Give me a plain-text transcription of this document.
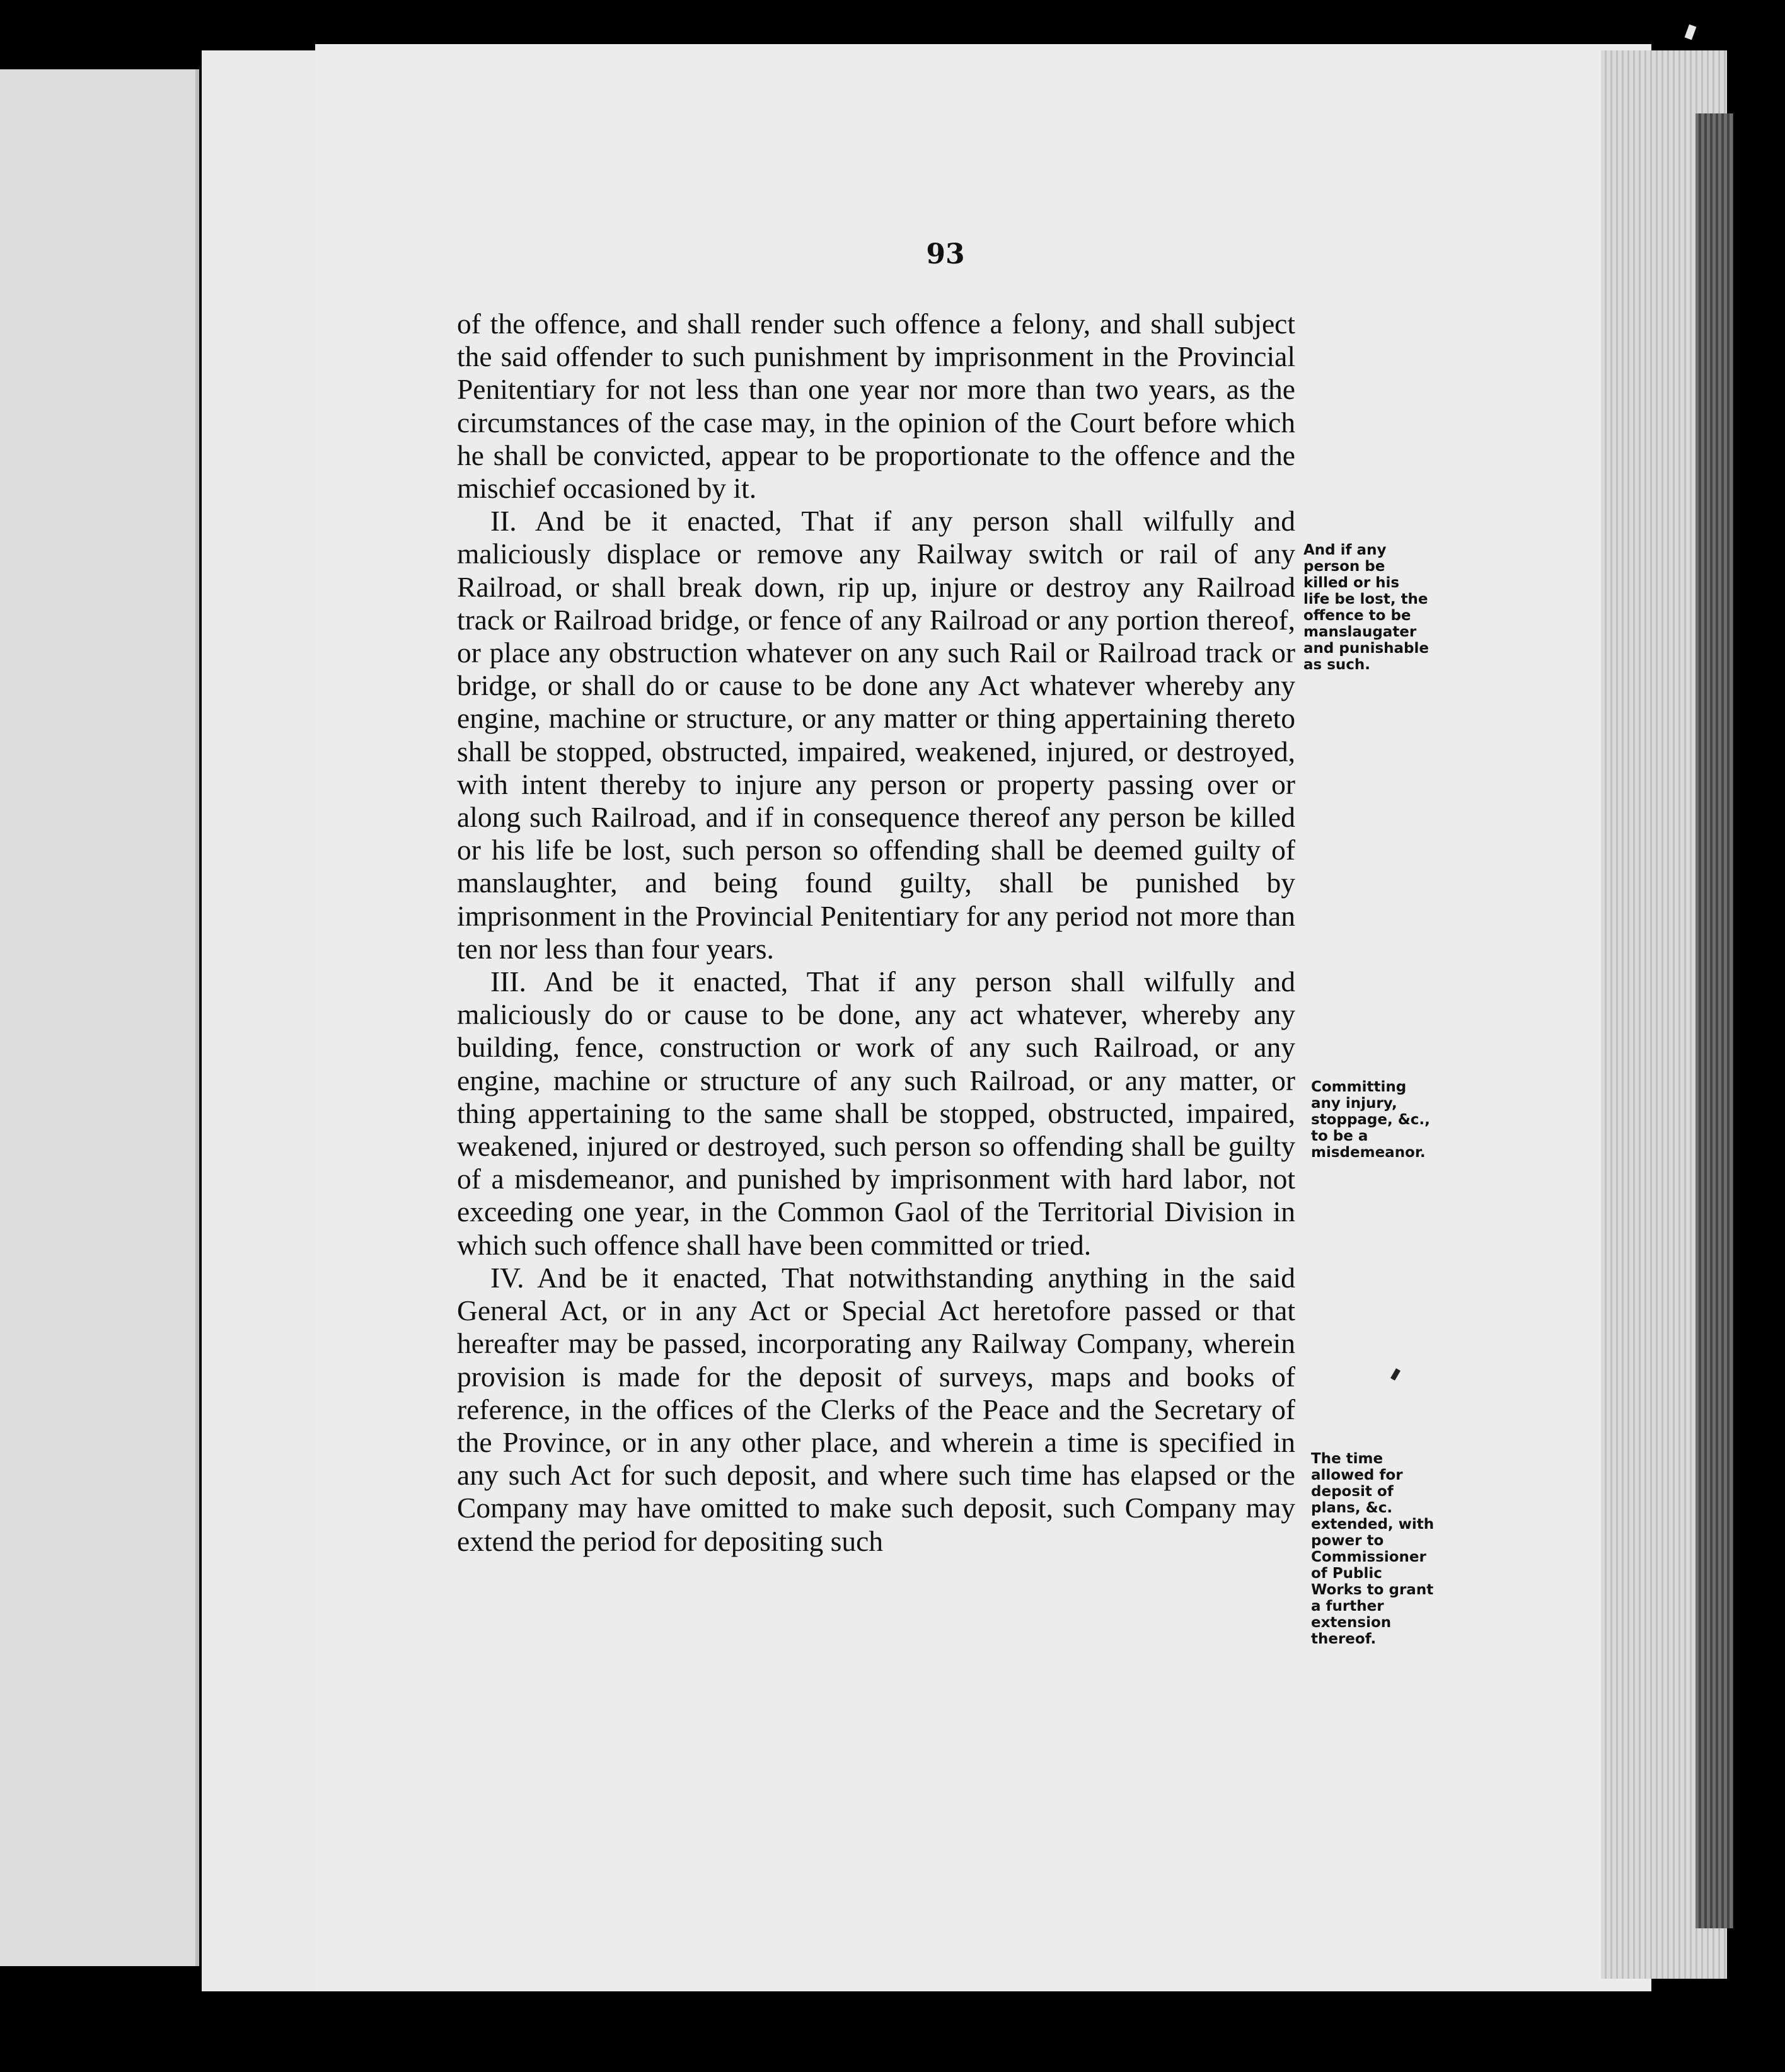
93

of the offence, and shall render such offence a felony, and shall subject the said offender to such punishment by imprisonment in the Provincial Penitentiary for not less than one year nor more than two years, as the circumstances of the case may, in the opinion of the Court before which he shall be convicted, appear to be proportionate to the offence and the mischief occasioned by it.

II. And be it enacted, That if any person shall wilfully and maliciously displace or remove any Railway switch or rail of any Railroad, or shall break down, rip up, injure or destroy any Railroad track or Railroad bridge, or fence of any Railroad or any portion thereof, or place any obstruction whatever on any such Rail or Railroad track or bridge, or shall do or cause to be done any Act whatever whereby any engine, machine or structure, or any matter or thing appertaining thereto shall be stopped, obstructed, impaired, weakened, injured, or destroyed, with intent thereby to injure any person or property passing over or along such Railroad, and if in consequence thereof any person be killed or his life be lost, such person so offending shall be deemed guilty of manslaughter, and being found guilty, shall be punished by imprisonment in the Provincial Penitentiary for any period not more than ten nor less than four years.

III. And be it enacted, That if any person shall wilfully and maliciously do or cause to be done, any act whatever, whereby any building, fence, construction or work of any such Railroad, or any engine, machine or structure of any such Railroad, or any matter, or thing appertaining to the same shall be stopped, obstructed, impaired, weakened, injured or destroyed, such person so offending shall be guilty of a misdemeanor, and punished by imprisonment with hard labor, not exceeding one year, in the Common Gaol of the Territorial Division in which such offence shall have been committed or tried.

IV. And be it enacted, That notwithstanding anything in the said General Act, or in any Act or Special Act heretofore passed or that hereafter may be passed, incorporating any Railway Company, wherein provision is made for the deposit of surveys, maps and books of reference, in the offices of the Clerks of the Peace and the Secretary of the Province, or in any other place, and wherein a time is specified in any such Act for such deposit, and where such time has elapsed or the Company may have omitted to make such deposit, such Company may extend the period for depositing such

And if any person be killed or his life be lost, the offence to be manslaugater and punishable as such.
Committing any injury, stoppage, &c., to be a misdemeanor.
The time allowed for deposit of plans, &c. extended, with power to Commissioner of Public Works to grant a further extension thereof.
